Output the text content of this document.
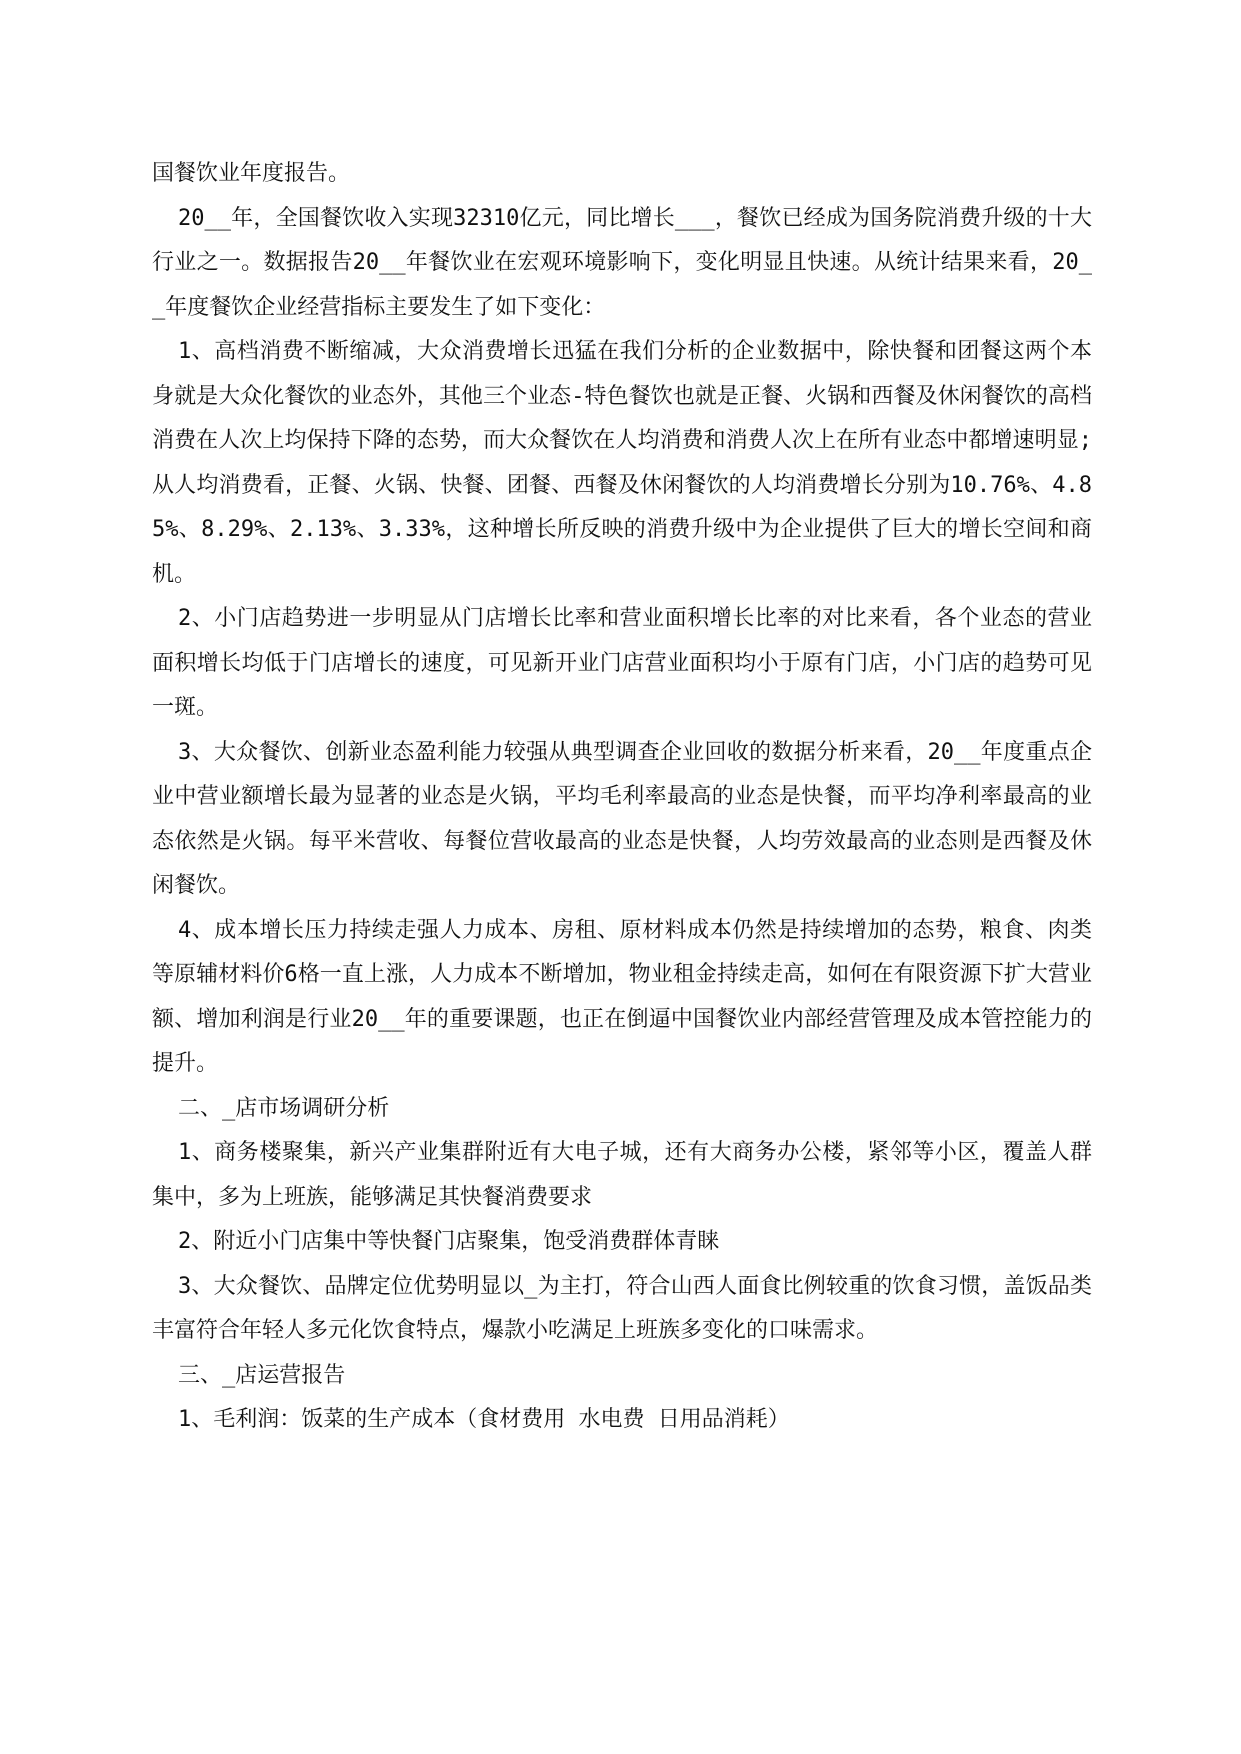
国餐饮业年度报告。

20__年，全国餐饮收入实现32310亿元，同比增长___，餐饮已经成为国务院消费升级的十大行业之一。数据报告20__年餐饮业在宏观环境影响下，变化明显且快速。从统计结果来看，20__年度餐饮企业经营指标主要发生了如下变化：

1、高档消费不断缩减，大众消费增长迅猛在我们分析的企业数据中，除快餐和团餐这两个本身就是大众化餐饮的业态外，其他三个业态-特色餐饮也就是正餐、火锅和西餐及休闲餐饮的高档消费在人次上均保持下降的态势，而大众餐饮在人均消费和消费人次上在所有业态中都增速明显;从人均消费看，正餐、火锅、快餐、团餐、西餐及休闲餐饮的人均消费增长分别为10.76%、4.85%、8.29%、2.13%、3.33%，这种增长所反映的消费升级中为企业提供了巨大的增长空间和商机。

2、小门店趋势进一步明显从门店增长比率和营业面积增长比率的对比来看，各个业态的营业面积增长均低于门店增长的速度，可见新开业门店营业面积均小于原有门店，小门店的趋势可见一斑。

3、大众餐饮、创新业态盈利能力较强从典型调查企业回收的数据分析来看，20__年度重点企业中营业额增长最为显著的业态是火锅，平均毛利率最高的业态是快餐，而平均净利率最高的业态依然是火锅。每平米营收、每餐位营收最高的业态是快餐，人均劳效最高的业态则是西餐及休闲餐饮。

4、成本增长压力持续走强人力成本、房租、原材料成本仍然是持续增加的态势，粮食、肉类等原辅材料价6格一直上涨，人力成本不断增加，物业租金持续走高，如何在有限资源下扩大营业额、增加利润是行业20__年的重要课题，也正在倒逼中国餐饮业内部经营管理及成本管控能力的提升。

二、_店市场调研分析

1、商务楼聚集，新兴产业集群附近有大电子城，还有大商务办公楼，紧邻等小区，覆盖人群集中，多为上班族，能够满足其快餐消费要求

2、附近小门店集中等快餐门店聚集，饱受消费群体青睐

3、大众餐饮、品牌定位优势明显以_为主打，符合山西人面食比例较重的饮食习惯，盖饭品类丰富符合年轻人多元化饮食特点，爆款小吃满足上班族多变化的口味需求。

三、_店运营报告

1、毛利润：饭菜的生产成本（食材费用 水电费 日用品消耗）
